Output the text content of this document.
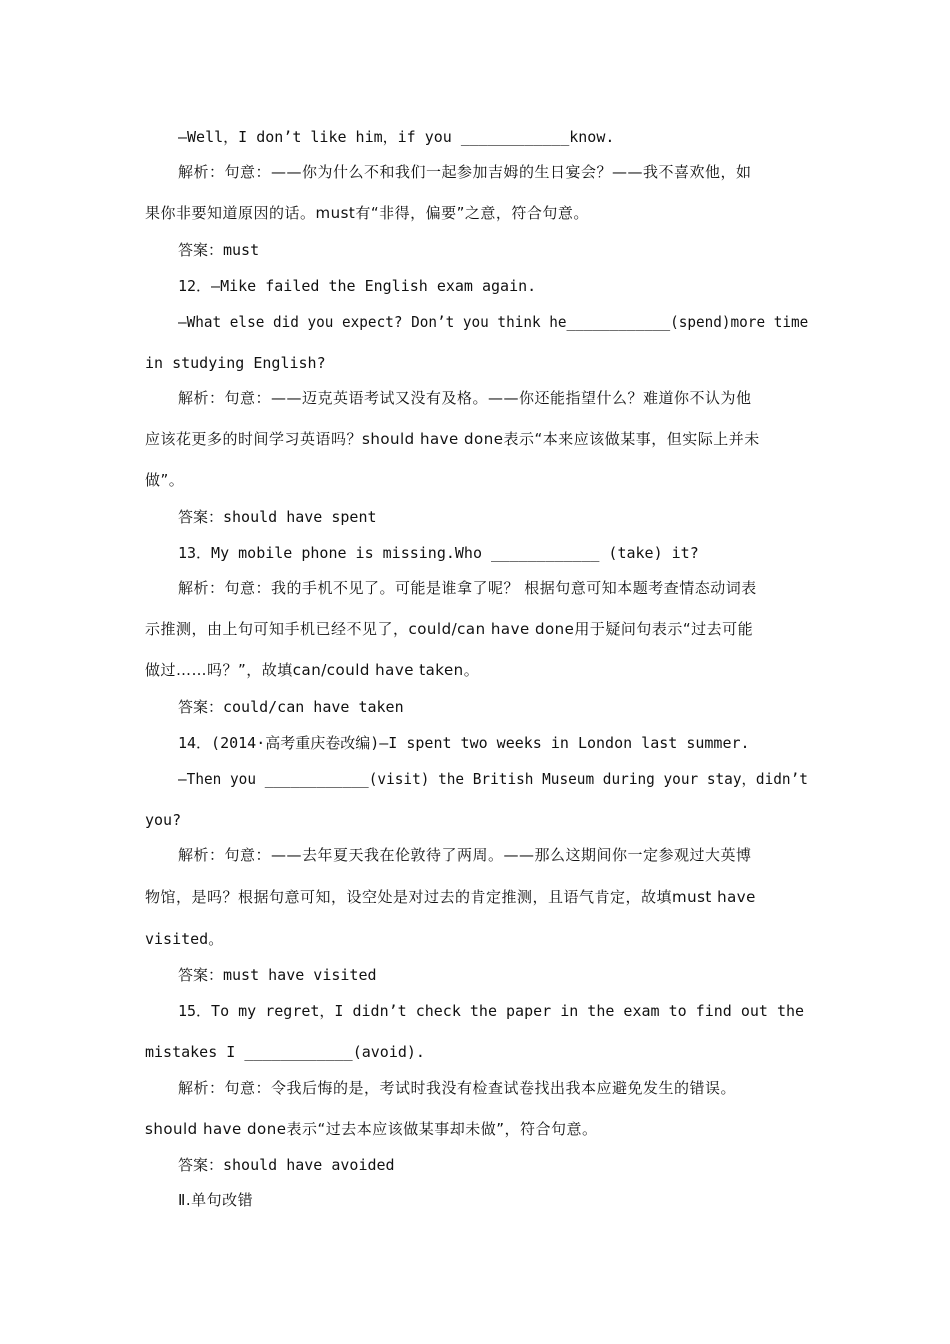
—Well，I don’t like him，if you ____________know.
解析：句意：——你为什么不和我们一起参加吉姆的生日宴会？——我不喜欢他，如
果你非要知道原因的话。must有“非得，偏要”之意，符合句意。
答案：must
12．—Mike failed the English exam again.
—What else did you expect? Don’t you think he____________(spend)more time
in studying English?
解析：句意：——迈克英语考试又没有及格。——你还能指望什么？难道你不认为他
应该花更多的时间学习英语吗？should have done表示“本来应该做某事，但实际上并未
做”。
答案：should have spent
13．My mobile phone is missing.Who ____________ (take) it?
解析：句意：我的手机不见了。可能是谁拿了呢？ 根据句意可知本题考查情态动词表
示推测，由上句可知手机已经不见了，could/can have done用于疑问句表示“过去可能
做过……吗？”，故填can/could have taken。
答案：could/can have taken
14．(2014·高考重庆卷改编)—I spent two weeks in London last summer.
—Then you ____________(visit) the British Museum during your stay，didn’t
you?
解析：句意：——去年夏天我在伦敦待了两周。——那么这期间你一定参观过大英博
物馆，是吗？根据句意可知，设空处是对过去的肯定推测，且语气肯定，故填must have
visited。
答案：must have visited
15．To my regret，I didn’t check the paper in the exam to find out the
mistakes I ____________(avoid).
解析：句意：令我后悔的是，考试时我没有检查试卷找出我本应避免发生的错误。
should have done表示“过去本应该做某事却未做”，符合句意。
答案：should have avoided
Ⅱ.单句改错
